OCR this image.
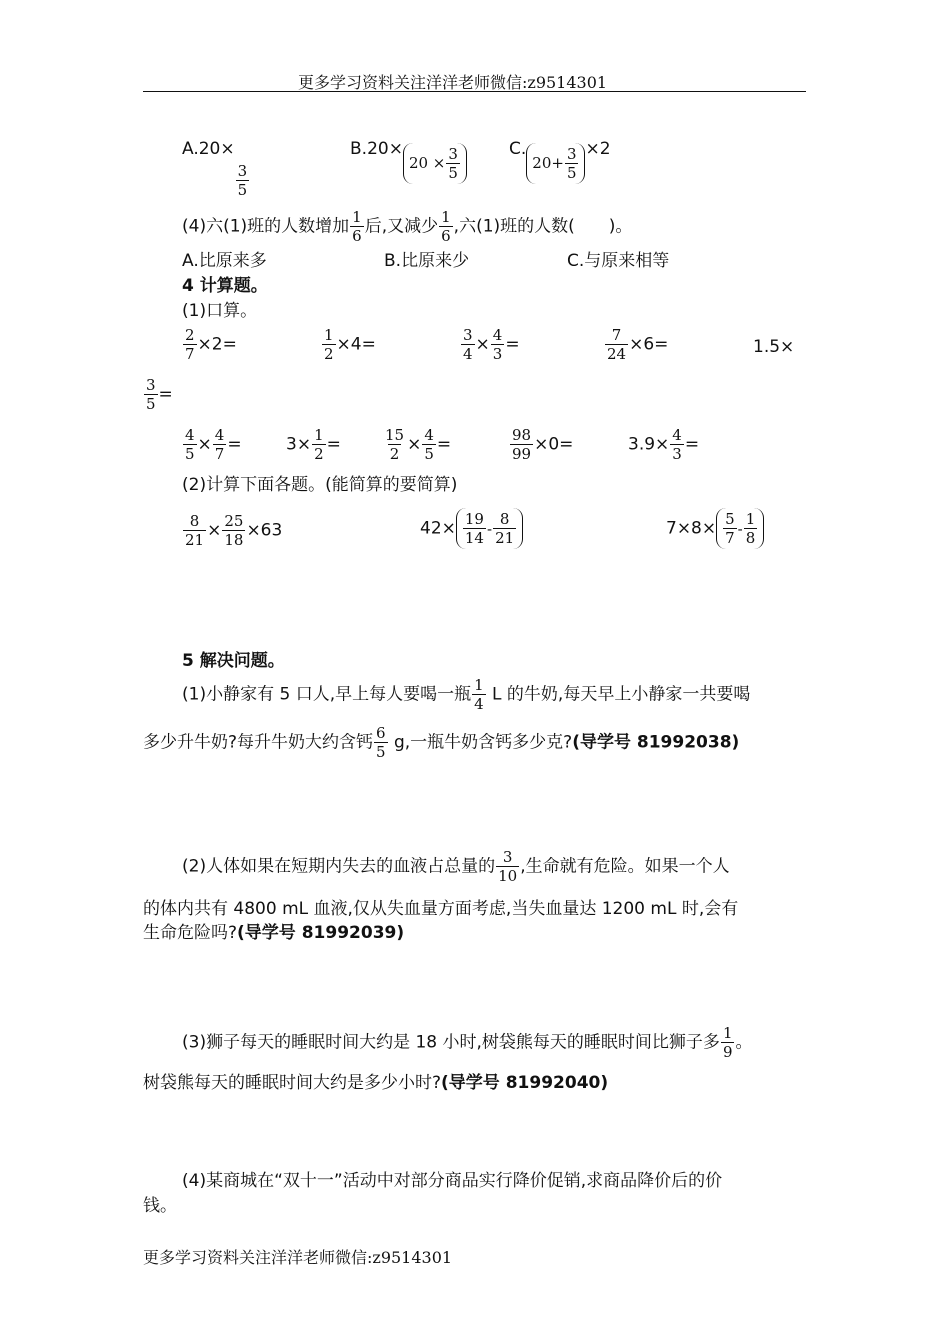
更多学习资料关注洋洋老师微信:z9514301
A.20×
$\frac{3}{5}$
B.20×
$20 \times \frac{3}{5}$	C.
$20+ \frac{3}{5} \times 2$
(4)六(1)班的人数增加 $\frac{1}{6}$ 后,又减少 $\frac{1}{6}$ ,六(1)班的人数(　　)。
A.比原来多	B.比原来少	C.与原来相等
4 计算题。
(1)口算。
$\frac{2}{7} \times 2=$	$\frac{1}{2} \times 4=$	$\frac{3}{4} \times \frac{4}{3}$ =	$\frac{7}{24} \times 6=$	1.5×
$\frac{3}{5}$ =
$\frac{4}{5} \times \frac{4}{7}$ =	$3\times \frac{1}{2}$ =	$\frac{15}{2} \times \frac{4}{5}$ =	$\frac{98}{99} \times 0=$	$3.9\times \frac{4}{3}$ =
(2)计算下面各题。(能简算的要简算)
$\frac{8}{21} \times \frac{25}{18} \times 63$	$42\times \frac{19}{14} - \frac{8}{21}$	$7\times 8\times \frac{5}{7} - \frac{1}{8}$
5 解决问题。
(1)小静家有 5 口人,早上每人要喝一瓶 $\frac{1}{4}$ L 的牛奶,每天早上小静家一共要喝
多少升牛奶?每升牛奶大约含钙 $\frac{6}{5} g$,一瓶牛奶含钙多少克?(导学号 81992038)
(2)人体如果在短期内失去的血液占总量的 $\frac{3}{10}$ ,生命就有危险。如果一个人
的体内共有 4800 mL 血液,仅从失血量方面考虑,当失血量达 1200 mL 时,会有
生命危险吗?(导学号 81992039)
(3)狮子每天的睡眠时间大约是 18 小时,树袋熊每天的睡眠时间比狮子多 $\frac{1}{9}$ 。
树袋熊每天的睡眠时间大约是多少小时?(导学号 81992040)
(4)某商城在“双十一”活动中对部分商品实行降价促销,求商品降价后的价
钱。
更多学习资料关注洋洋老师微信:z9514301
